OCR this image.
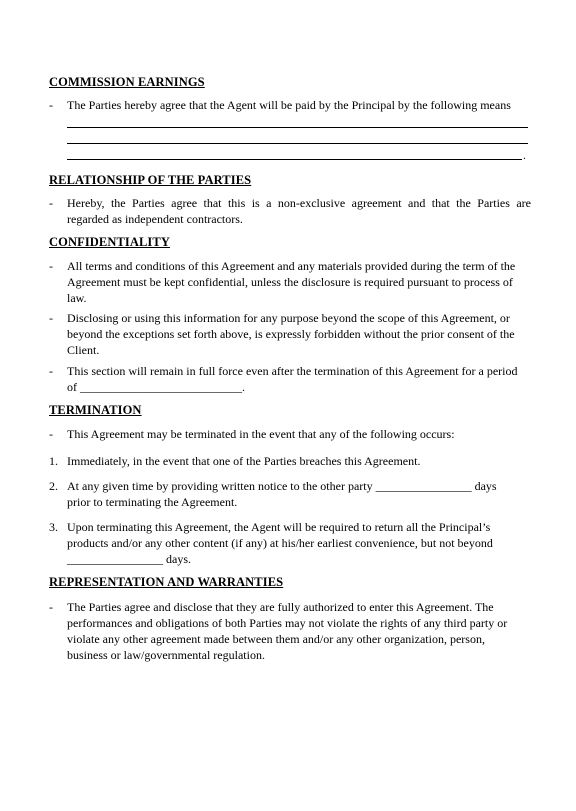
COMMISSION EARNINGS
-	The Parties hereby agree that the Agent will be paid by the Principal by the following means
.
RELATIONSHIP OF THE PARTIES
-	Hereby, the Parties agree that this is a non-exclusive agreement and that the Parties are
regarded as independent contractors.
CONFIDENTIALITY
-	All terms and conditions of this Agreement and any materials provided during the term of the
Agreement must be kept confidential, unless the disclosure is required pursuant to process of
law.
-	Disclosing or using this information for any purpose beyond the scope of this Agreement, or
beyond the exceptions set forth above, is expressly forbidden without the prior consent of the
Client.
-	This section will remain in full force even after the termination of this Agreement for a period
of ___________________________.
TERMINATION
-	This Agreement may be terminated in the event that any of the following occurs:
1. Immediately, in the event that one of the Parties breaches this Agreement.
2. At any given time by providing written notice to the other party ________________ days
prior to terminating the Agreement.
3. Upon terminating this Agreement, the Agent will be required to return all the Principal’s
products and/or any other content (if any) at his/her earliest convenience, but not beyond
________________ days.
REPRESENTATION AND WARRANTIES
-	The Parties agree and disclose that they are fully authorized to enter this Agreement. The
performances and obligations of both Parties may not violate the rights of any third party or
violate any other agreement made between them and/or any other organization, person,
business or law/governmental regulation.
